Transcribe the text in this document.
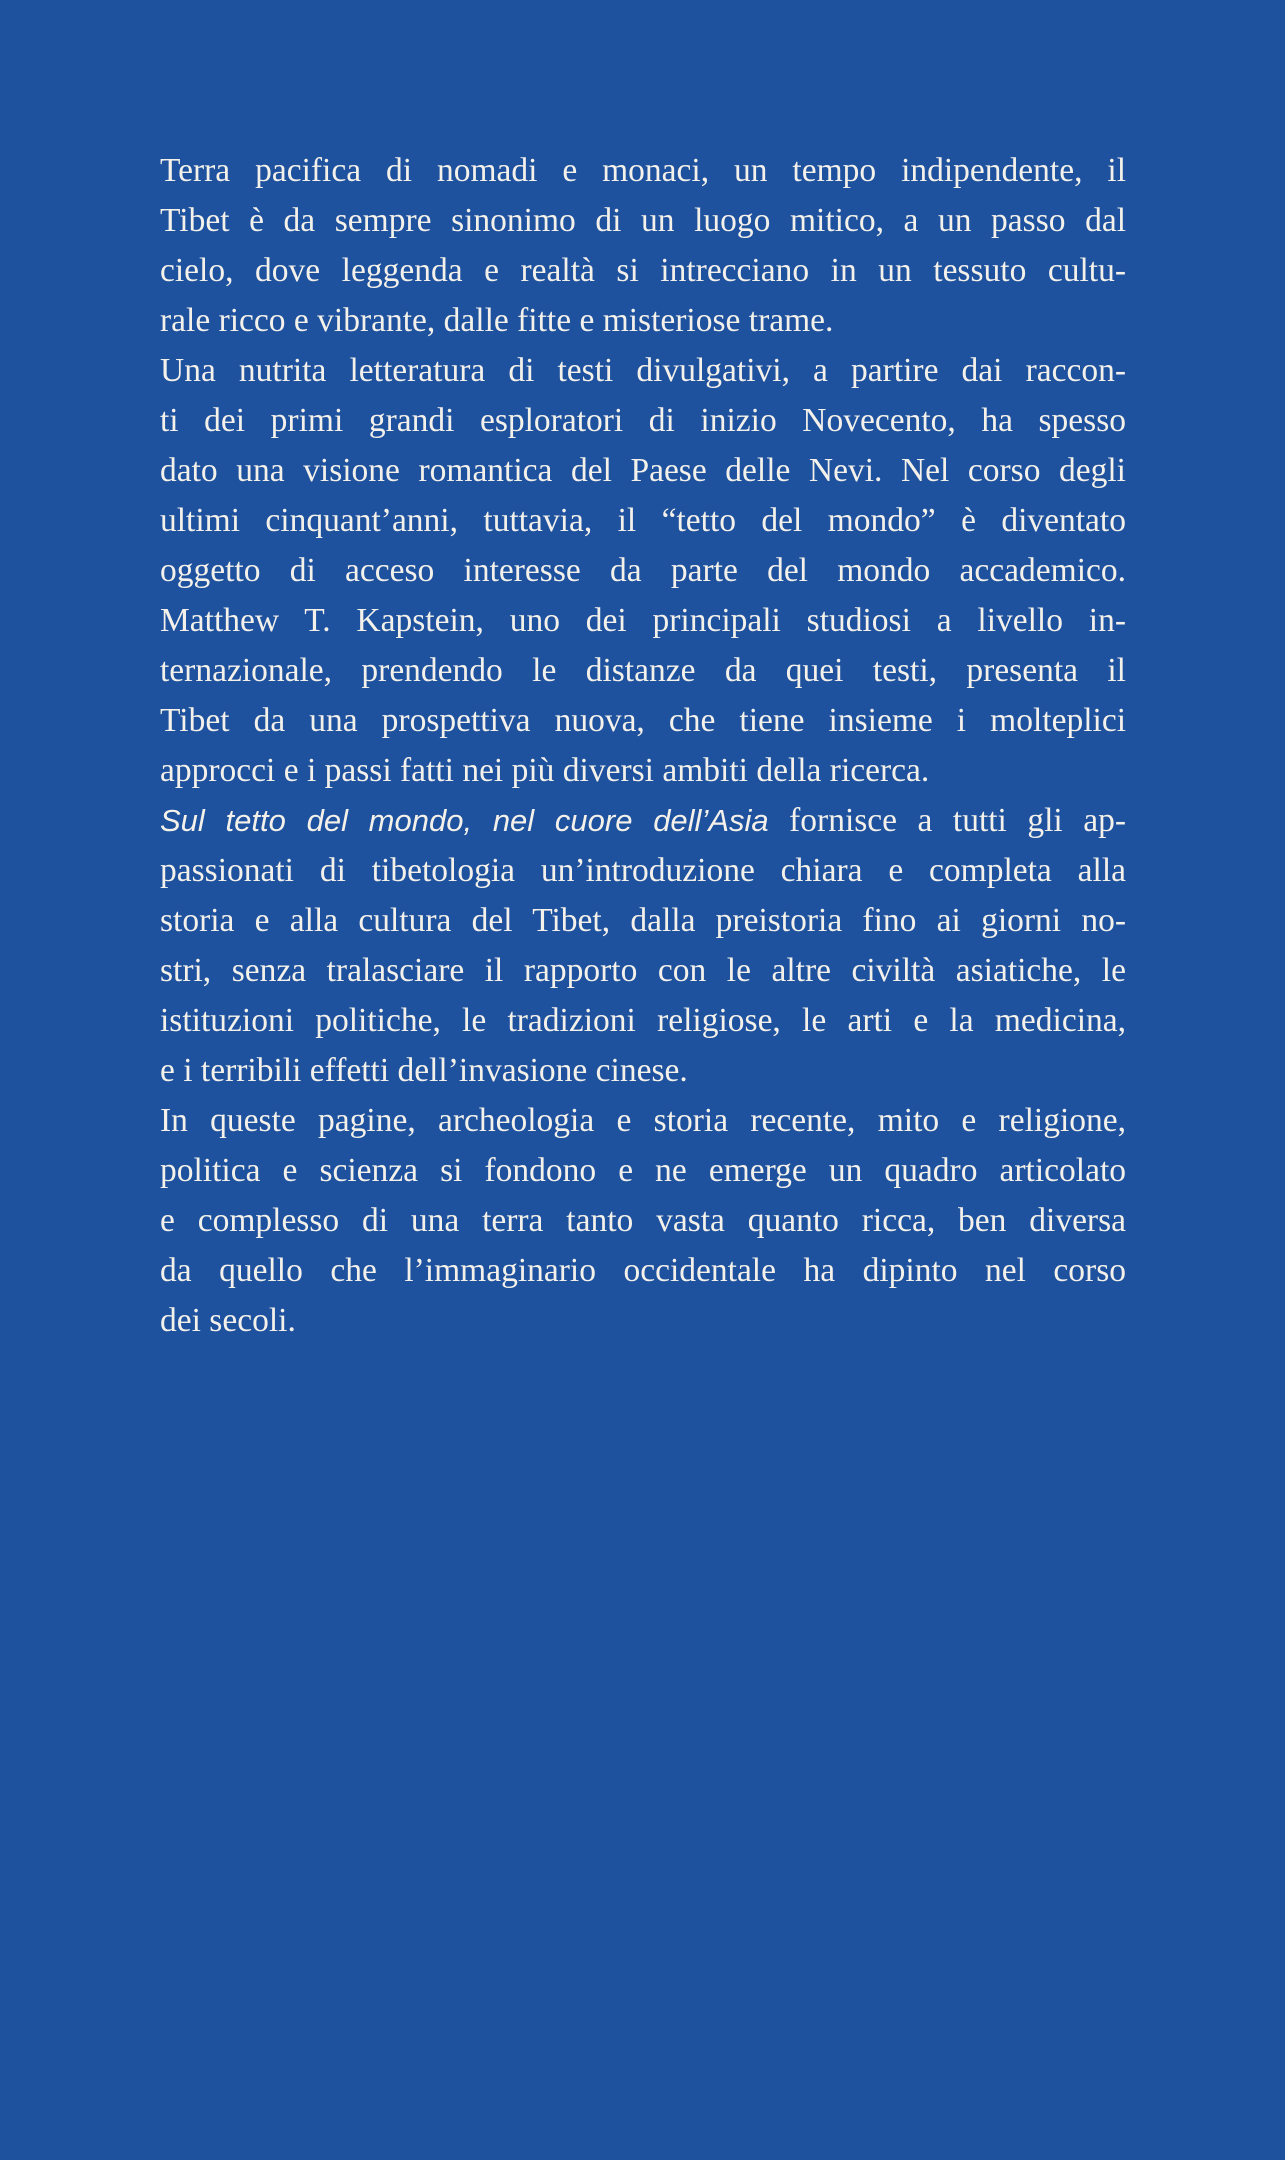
Terra pacifica di nomadi e monaci, un tempo indipendente, il
Tibet è da sempre sinonimo di un luogo mitico, a un passo dal
cielo, dove leggenda e realtà si intrecciano in un tessuto cultu-
rale ricco e vibrante, dalle fitte e misteriose trame.
Una nutrita letteratura di testi divulgativi, a partire dai raccon-
ti dei primi grandi esploratori di inizio Novecento, ha spesso
dato una visione romantica del Paese delle Nevi. Nel corso degli
ultimi cinquant’anni, tuttavia, il “tetto del mondo” è diventato
oggetto di acceso interesse da parte del mondo accademico.
Matthew T. Kapstein, uno dei principali studiosi a livello in-
ternazionale, prendendo le distanze da quei testi, presenta il
Tibet da una prospettiva nuova, che tiene insieme i molteplici
approcci e i passi fatti nei più diversi ambiti della ricerca.
Sul tetto del mondo, nel cuore dell’Asia fornisce a tutti gli ap-
passionati di tibetologia un’introduzione chiara e completa alla
storia e alla cultura del Tibet, dalla preistoria fino ai giorni no-
stri, senza tralasciare il rapporto con le altre civiltà asiatiche, le
istituzioni politiche, le tradizioni religiose, le arti e la medicina,
e i terribili effetti dell’invasione cinese.
In queste pagine, archeologia e storia recente, mito e religione,
politica e scienza si fondono e ne emerge un quadro articolato
e complesso di una terra tanto vasta quanto ricca, ben diversa
da quello che l’immaginario occidentale ha dipinto nel corso
dei secoli.
